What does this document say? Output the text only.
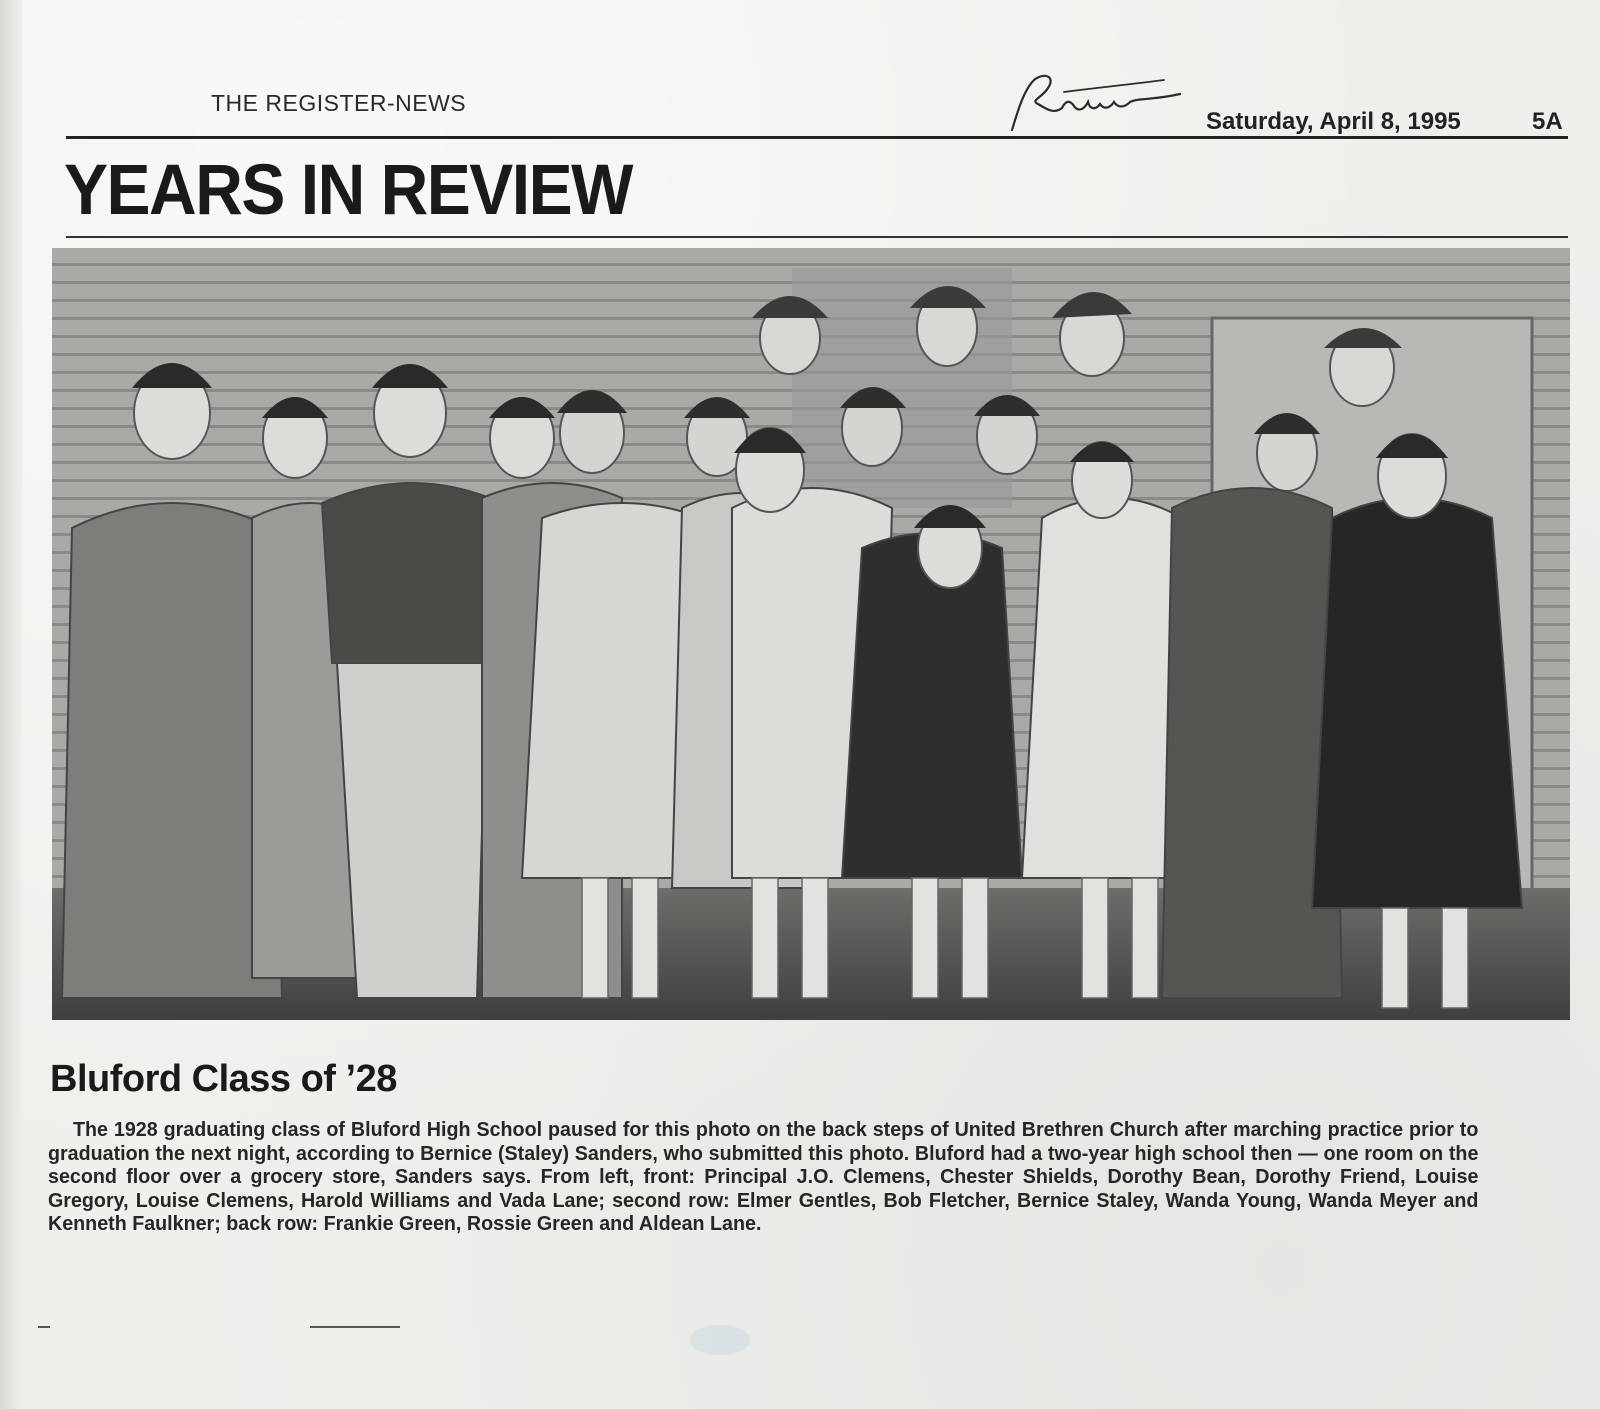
THE REGISTER-NEWS
Saturday, April 8, 1995	5A
YEARS IN REVIEW
Bluford Class of ’28
The 1928 graduating class of Bluford High School paused for this photo on the back steps of United Brethren Church after marching practice prior to graduation the next night, according to Bernice (Staley) Sanders, who submitted this photo. Bluford had a two-year high school then — one room on the second floor over a grocery store, Sanders says. From left, front: Principal J.O. Clemens, Chester Shields, Dorothy Bean, Dorothy Friend, Louise Gregory, Louise Clemens, Harold Williams and Vada Lane; second row: Elmer Gentles, Bob Fletcher, Bernice Staley, Wanda Young, Wanda Meyer and Kenneth Faulkner; back row: Frankie Green, Rossie Green and Aldean Lane.
